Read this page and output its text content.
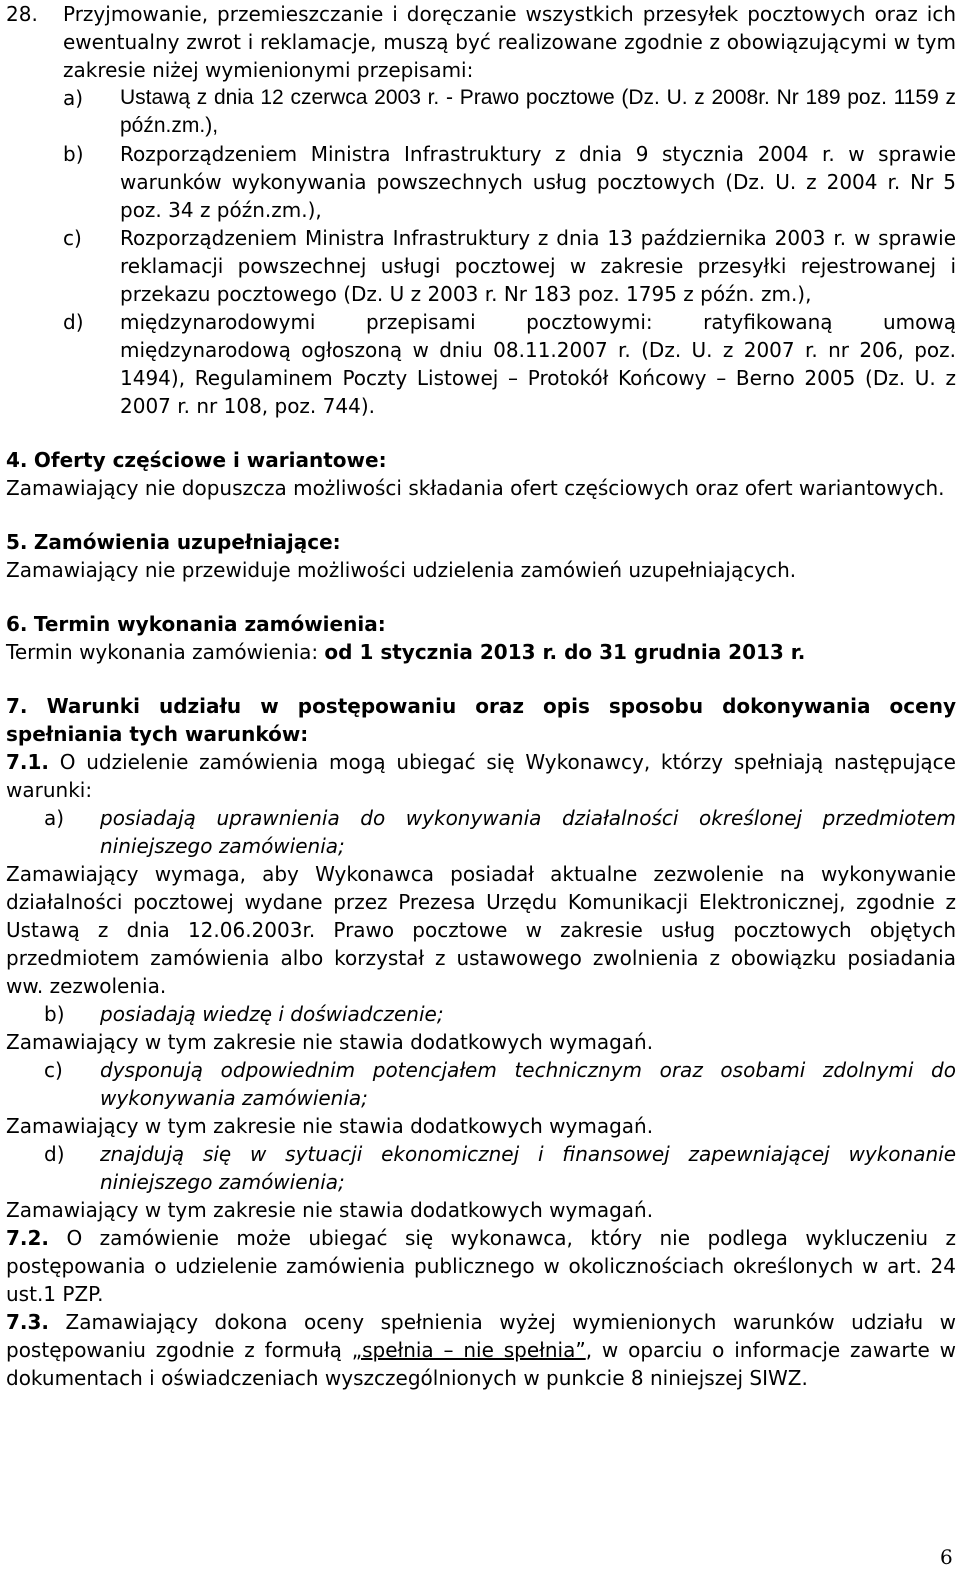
28.	Przyjmowanie, przemieszczanie i doręczanie wszystkich przesyłek pocztowych oraz ich ewentualny zwrot i reklamacje, muszą być realizowane zgodnie z obowiązującymi w tym zakresie niżej wymienionymi przepisami:

a)	Ustawą z dnia 12 czerwca 2003 r. - Prawo pocztowe (Dz. U. z 2008r. Nr 189 poz. 1159 z późn.zm.),
b)	Rozporządzeniem Ministra Infrastruktury z dnia 9 stycznia 2004 r. w sprawie warunków wykonywania powszechnych usług pocztowych (Dz. U. z 2004 r. Nr 5 poz. 34 z późn.zm.),
c)	Rozporządzeniem Ministra Infrastruktury z dnia 13 października 2003 r. w sprawie reklamacji powszechnej usługi pocztowej w zakresie przesyłki rejestrowanej i przekazu pocztowego (Dz. U z 2003 r. Nr 183 poz. 1795 z późn. zm.),
d)	międzynarodowymi przepisami pocztowymi: ratyfikowaną umową międzynarodową ogłoszoną w dniu 08.11.2007 r. (Dz. U. z 2007 r. nr 206, poz. 1494), Regulaminem Poczty Listowej – Protokół Końcowy – Berno 2005 (Dz. U. z 2007 r. nr 108, poz. 744).

4. Oferty częściowe i wariantowe:

Zamawiający nie dopuszcza możliwości składania ofert częściowych oraz ofert wariantowych.

5. Zamówienia uzupełniające:

Zamawiający nie przewiduje możliwości udzielenia zamówień uzupełniających.

6. Termin wykonania zamówienia:

Termin wykonania zamówienia: od 1 stycznia 2013 r. do 31 grudnia 2013 r.

7. Warunki udziału w postępowaniu oraz opis sposobu dokonywania oceny spełniania tych warunków:

7.1. O udzielenie zamówienia mogą ubiegać się Wykonawcy, którzy spełniają następujące warunki:

a)	posiadają uprawnienia do wykonywania działalności określonej przedmiotem niniejszego zamówienia;

Zamawiający wymaga, aby Wykonawca posiadał aktualne zezwolenie na wykonywanie działalności pocztowej wydane przez Prezesa Urzędu Komunikacji Elektronicznej, zgodnie z Ustawą z dnia 12.06.2003r. Prawo pocztowe w zakresie usług pocztowych objętych przedmiotem zamówienia albo korzystał z ustawowego zwolnienia z obowiązku posiadania ww. zezwolenia.

b)	posiadają wiedzę i doświadczenie;

Zamawiający w tym zakresie nie stawia dodatkowych wymagań.

c)	dysponują odpowiednim potencjałem technicznym oraz osobami zdolnymi do wykonywania zamówienia;

Zamawiający w tym zakresie nie stawia dodatkowych wymagań.

d)	znajdują się w sytuacji ekonomicznej i finansowej zapewniającej wykonanie niniejszego zamówienia;

Zamawiający w tym zakresie nie stawia dodatkowych wymagań.

7.2. O zamówienie może ubiegać się wykonawca, który nie podlega wykluczeniu z postępowania o udzielenie zamówienia publicznego w okolicznościach określonych w art. 24 ust.1 PZP.

7.3. Zamawiający dokona oceny spełnienia wyżej wymienionych warunków udziału w postępowaniu zgodnie z formułą „spełnia – nie spełnia”, w oparciu o informacje zawarte w dokumentach i oświadczeniach wyszczególnionych w punkcie 8 niniejszej SIWZ.

6
